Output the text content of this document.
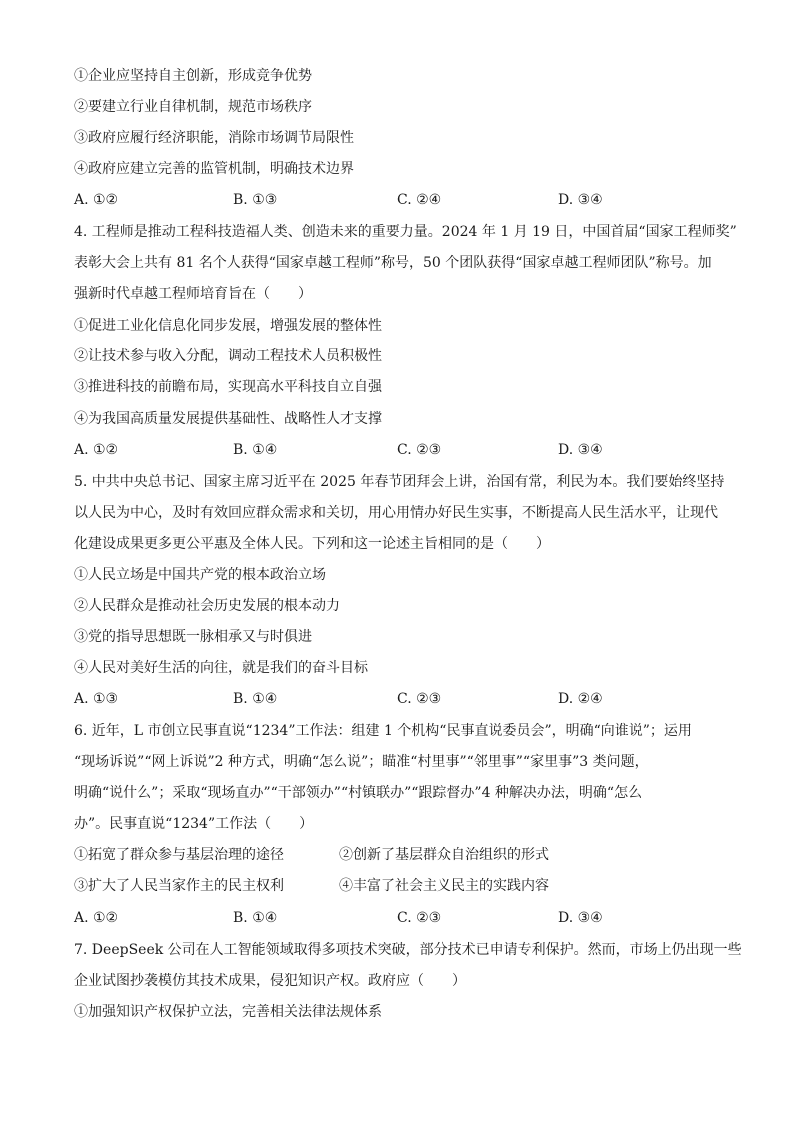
①企业应坚持自主创新，形成竞争优势
②要建立行业自律机制，规范市场秩序
③政府应履行经济职能，消除市场调节局限性
④政府应建立完善的监管机制，明确技术边界
A. ①②	B. ①③	C. ②④	D. ③④
4. 工程师是推动工程科技造福人类、创造未来的重要力量。2024 年 1 月 19 日，中国首届“国家工程师奖”
表彰大会上共有 81 名个人获得“国家卓越工程师”称号，50 个团队获得“国家卓越工程师团队”称号。加
强新时代卓越工程师培育旨在（　　）
①促进工业化信息化同步发展，增强发展的整体性
②让技术参与收入分配，调动工程技术人员积极性
③推进科技的前瞻布局，实现高水平科技自立自强
④为我国高质量发展提供基础性、战略性人才支撑
A. ①②	B. ①④	C. ②③	D. ③④
5. 中共中央总书记、国家主席习近平在 2025 年春节团拜会上讲，治国有常，利民为本。我们要始终坚持
以人民为中心，及时有效回应群众需求和关切，用心用情办好民生实事，不断提高人民生活水平，让现代
化建设成果更多更公平惠及全体人民。下列和这一论述主旨相同的是（　　）
①人民立场是中国共产党的根本政治立场
②人民群众是推动社会历史发展的根本动力
③党的指导思想既一脉相承又与时俱进
④人民对美好生活的向往，就是我们的奋斗目标
A. ①③	B. ①④	C. ②③	D. ②④
6. 近年，L 市创立民事直说“1234”工作法：组建 1 个机构“民事直说委员会”，明确“向谁说”；运用
“现场诉说”“网上诉说”2 种方式，明确“怎么说”；瞄准“村里事”“邻里事”“家里事”3 类问题，
明确“说什么”；采取“现场直办”“干部领办”“村镇联办”“跟踪督办”4 种解决办法，明确“怎么
办”。民事直说“1234”工作法（　　）
①拓宽了群众参与基层治理的途径	②创新了基层群众自治组织的形式
③扩大了人民当家作主的民主权利	④丰富了社会主义民主的实践内容
A. ①②	B. ①④	C. ②③	D. ③④
7. DeepSeek 公司在人工智能领域取得多项技术突破，部分技术已申请专利保护。然而，市场上仍出现一些
企业试图抄袭模仿其技术成果，侵犯知识产权。政府应（　　）
①加强知识产权保护立法，完善相关法律法规体系
